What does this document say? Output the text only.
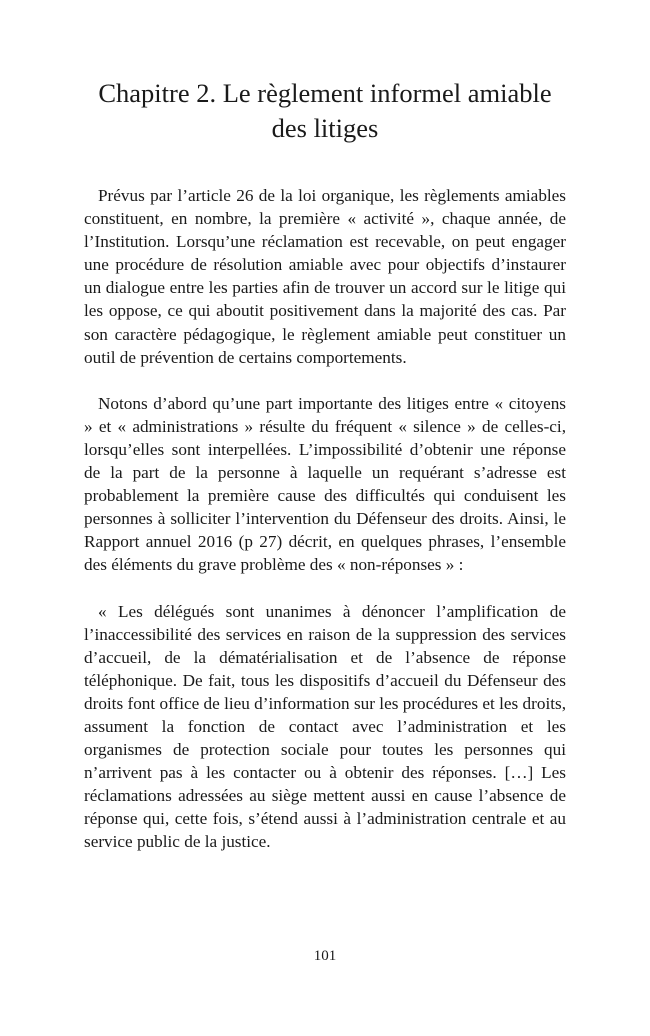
Chapitre 2. Le règlement informel amiable des litiges

Prévus par l’article 26 de la loi organique, les règlements amiables constituent, en nombre, la première « activité », chaque année, de l’Institution. Lorsqu’une réclamation est recevable, on peut engager une procédure de résolution amiable avec pour objectifs d’instaurer un dialogue entre les parties afin de trouver un accord sur le litige qui les oppose, ce qui aboutit positivement dans la majorité des cas. Par son caractère pédagogique, le règlement amiable peut constituer un outil de prévention de certains comportements.

Notons d’abord qu’une part importante des litiges entre « citoyens » et « administrations » résulte du fréquent « silence » de celles-ci, lorsqu’elles sont interpellées. L’impossibilité d’obtenir une réponse de la part de la personne à laquelle un requérant s’adresse est probablement la première cause des difficultés qui conduisent les personnes à solliciter l’intervention du Défenseur des droits. Ainsi, le Rapport annuel 2016 (p 27) décrit, en quelques phrases, l’ensemble des éléments du grave problème des « non-réponses » :

« Les délégués sont unanimes à dénoncer l’amplification de l’inaccessibilité des services en raison de la suppression des services d’accueil, de la dématérialisation et de l’absence de réponse téléphonique. De fait, tous les dispositifs d’accueil du Défenseur des droits font office de lieu d’information sur les procédures et les droits, assument la fonction de contact avec l’administration et les organismes de protection sociale pour toutes les personnes qui n’arrivent pas à les contacter ou à obtenir des réponses. […] Les réclamations adressées au siège mettent aussi en cause l’absence de réponse qui, cette fois, s’étend aussi à l’administration centrale et au service public de la justice.

101
